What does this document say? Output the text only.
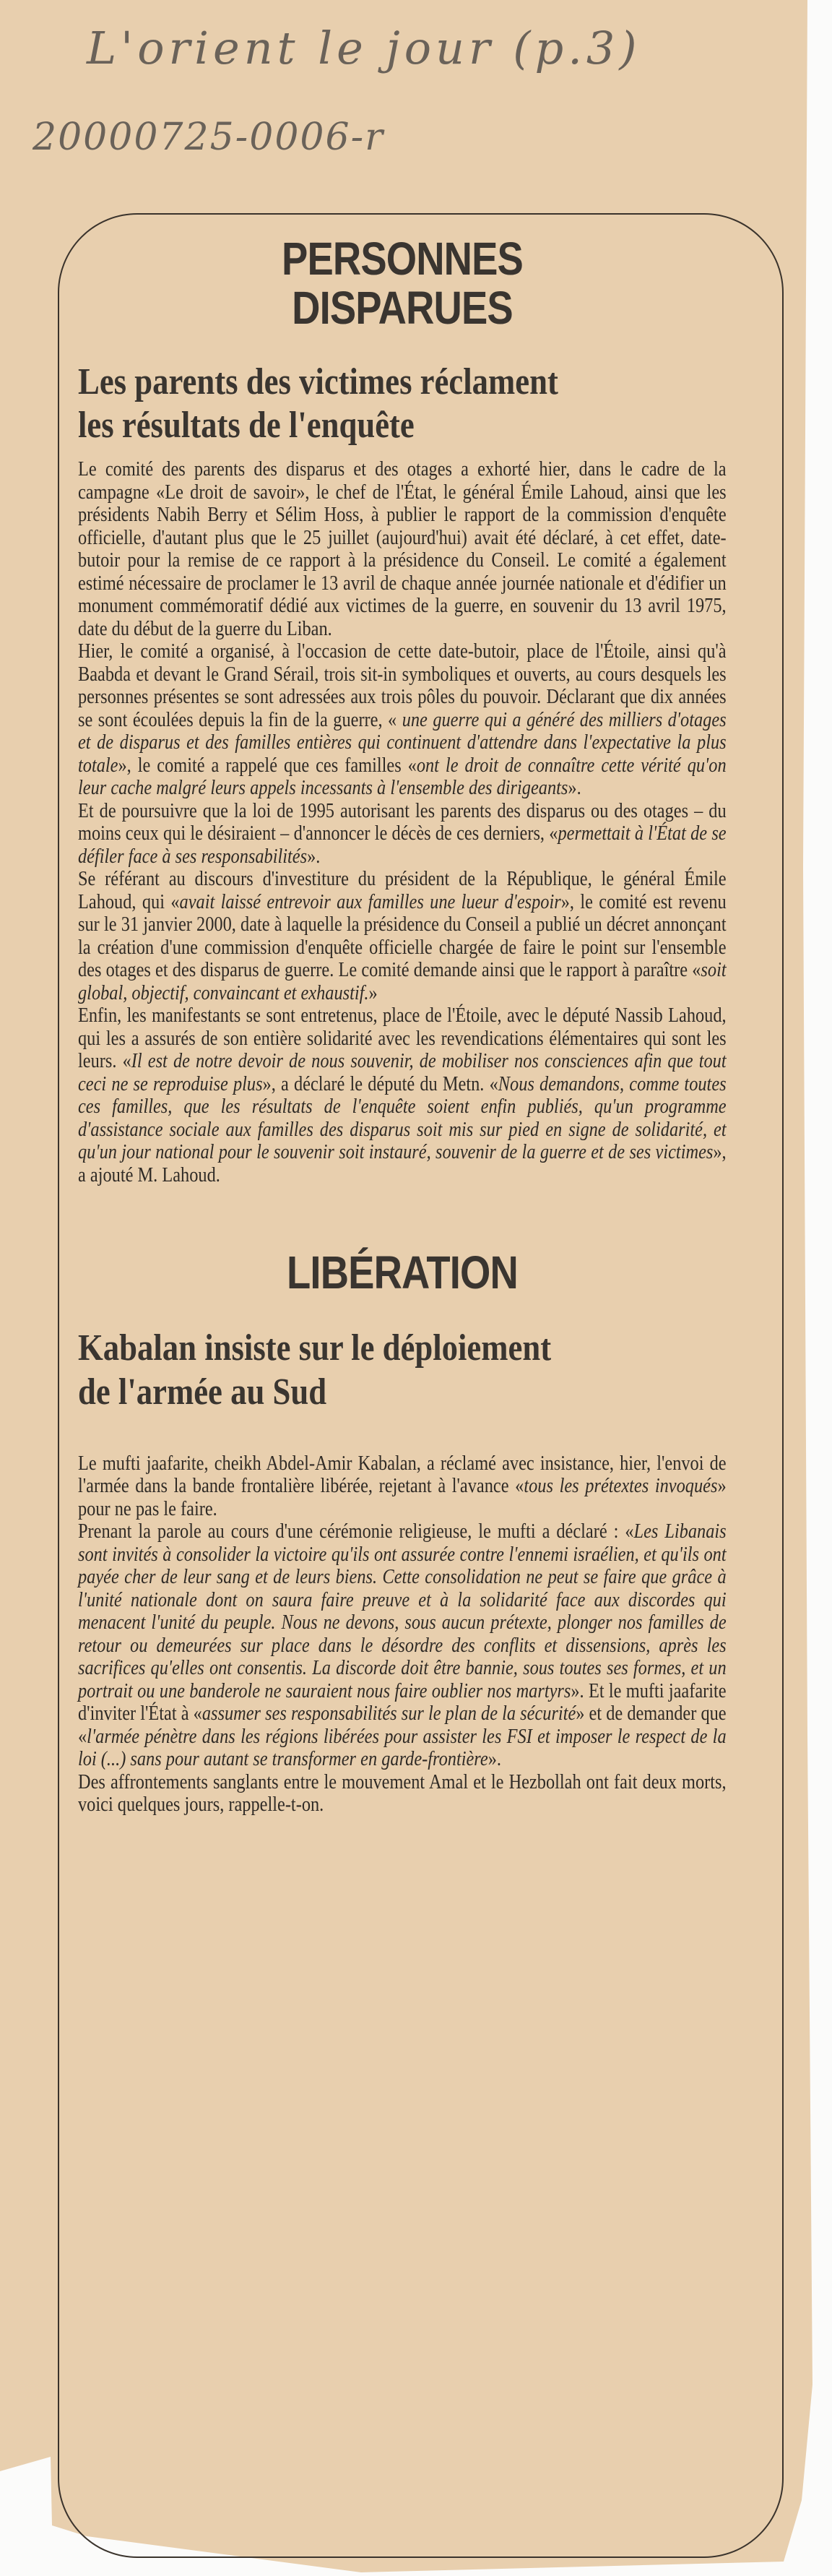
L'orient le jour (p.3)
20000725-0006-r
PERSONNES
DISPARUES
Les parents des victimes réclament
les résultats de l'enquête

Le comité des parents des disparus et des otages a exhorté hier, dans le cadre de la campagne «Le droit de savoir», le chef de l'État, le général Émile Lahoud, ainsi que les présidents Nabih Berry et Sélim Hoss, à publier le rapport de la commission d'enquête officielle, d'autant plus que le 25 juillet (aujourd'hui) avait été déclaré, à cet effet, date-butoir pour la remise de ce rapport à la présidence du Conseil. Le comité a également estimé nécessaire de proclamer le 13 avril de chaque année journée nationale et d'édifier un monument commémoratif dédié aux victimes de la guerre, en souvenir du 13 avril 1975, date du début de la guerre du Liban.

Hier, le comité a organisé, à l'occasion de cette date-butoir, place de l'Étoile, ainsi qu'à Baabda et devant le Grand Sérail, trois sit-in symboliques et ouverts, au cours desquels les personnes présentes se sont adressées aux trois pôles du pouvoir. Déclarant que dix années se sont écoulées depuis la fin de la guerre, « une guerre qui a généré des milliers d'otages et de disparus et des familles entières qui continuent d'attendre dans l'expectative la plus totale», le comité a rappelé que ces familles «ont le droit de connaître cette vérité qu'on leur cache malgré leurs appels incessants à l'ensemble des dirigeants».

Et de poursuivre que la loi de 1995 autorisant les parents des disparus ou des otages – du moins ceux qui le désiraient – d'annoncer le décès de ces derniers, «permettait à l'État de se défiler face à ses responsabilités».

Se référant au discours d'investiture du président de la République, le général Émile Lahoud, qui «avait laissé entrevoir aux familles une lueur d'espoir», le comité est revenu sur le 31 janvier 2000, date à laquelle la présidence du Conseil a publié un décret annonçant la création d'une commission d'enquête officielle chargée de faire le point sur l'ensemble des otages et des disparus de guerre. Le comité demande ainsi que le rapport à paraître «soit global, objectif, convaincant et exhaustif.»

Enfin, les manifestants se sont entretenus, place de l'Étoile, avec le député Nassib Lahoud, qui les a assurés de son entière solidarité avec les revendications élémentaires qui sont les leurs. «Il est de notre devoir de nous souvenir, de mobiliser nos consciences afin que tout ceci ne se reproduise plus», a déclaré le député du Metn. «Nous demandons, comme toutes ces familles, que les résultats de l'enquête soient enfin publiés, qu'un programme d'assistance sociale aux familles des disparus soit mis sur pied en signe de solidarité, et qu'un jour national pour le souvenir soit instauré, souvenir de la guerre et de ses victimes», a ajouté M. Lahoud.

LIBÉRATION
Kabalan insiste sur le déploiement
de l'armée au Sud

Le mufti jaafarite, cheikh Abdel-Amir Kabalan, a réclamé avec insistance, hier, l'envoi de l'armée dans la bande frontalière libérée, rejetant à l'avance «tous les prétextes invoqués» pour ne pas le faire.

Prenant la parole au cours d'une cérémonie religieuse, le mufti a déclaré : «Les Libanais sont invités à consolider la victoire qu'ils ont assurée contre l'ennemi israélien, et qu'ils ont payée cher de leur sang et de leurs biens. Cette consolidation ne peut se faire que grâce à l'unité nationale dont on saura faire preuve et à la solidarité face aux discordes qui menacent l'unité du peuple. Nous ne devons, sous aucun prétexte, plonger nos familles de retour ou demeurées sur place dans le désordre des conflits et dissensions, après les sacrifices qu'elles ont consentis. La discorde doit être bannie, sous toutes ses formes, et un portrait ou une banderole ne sauraient nous faire oublier nos martyrs». Et le mufti jaafarite d'inviter l'État à «assumer ses responsabilités sur le plan de la sécurité» et de demander que «l'armée pénètre dans les régions libérées pour assister les FSI et imposer le respect de la loi (...) sans pour autant se transformer en garde-frontière».

Des affrontements sanglants entre le mouvement Amal et le Hezbollah ont fait deux morts, voici quelques jours, rappelle-t-on.
